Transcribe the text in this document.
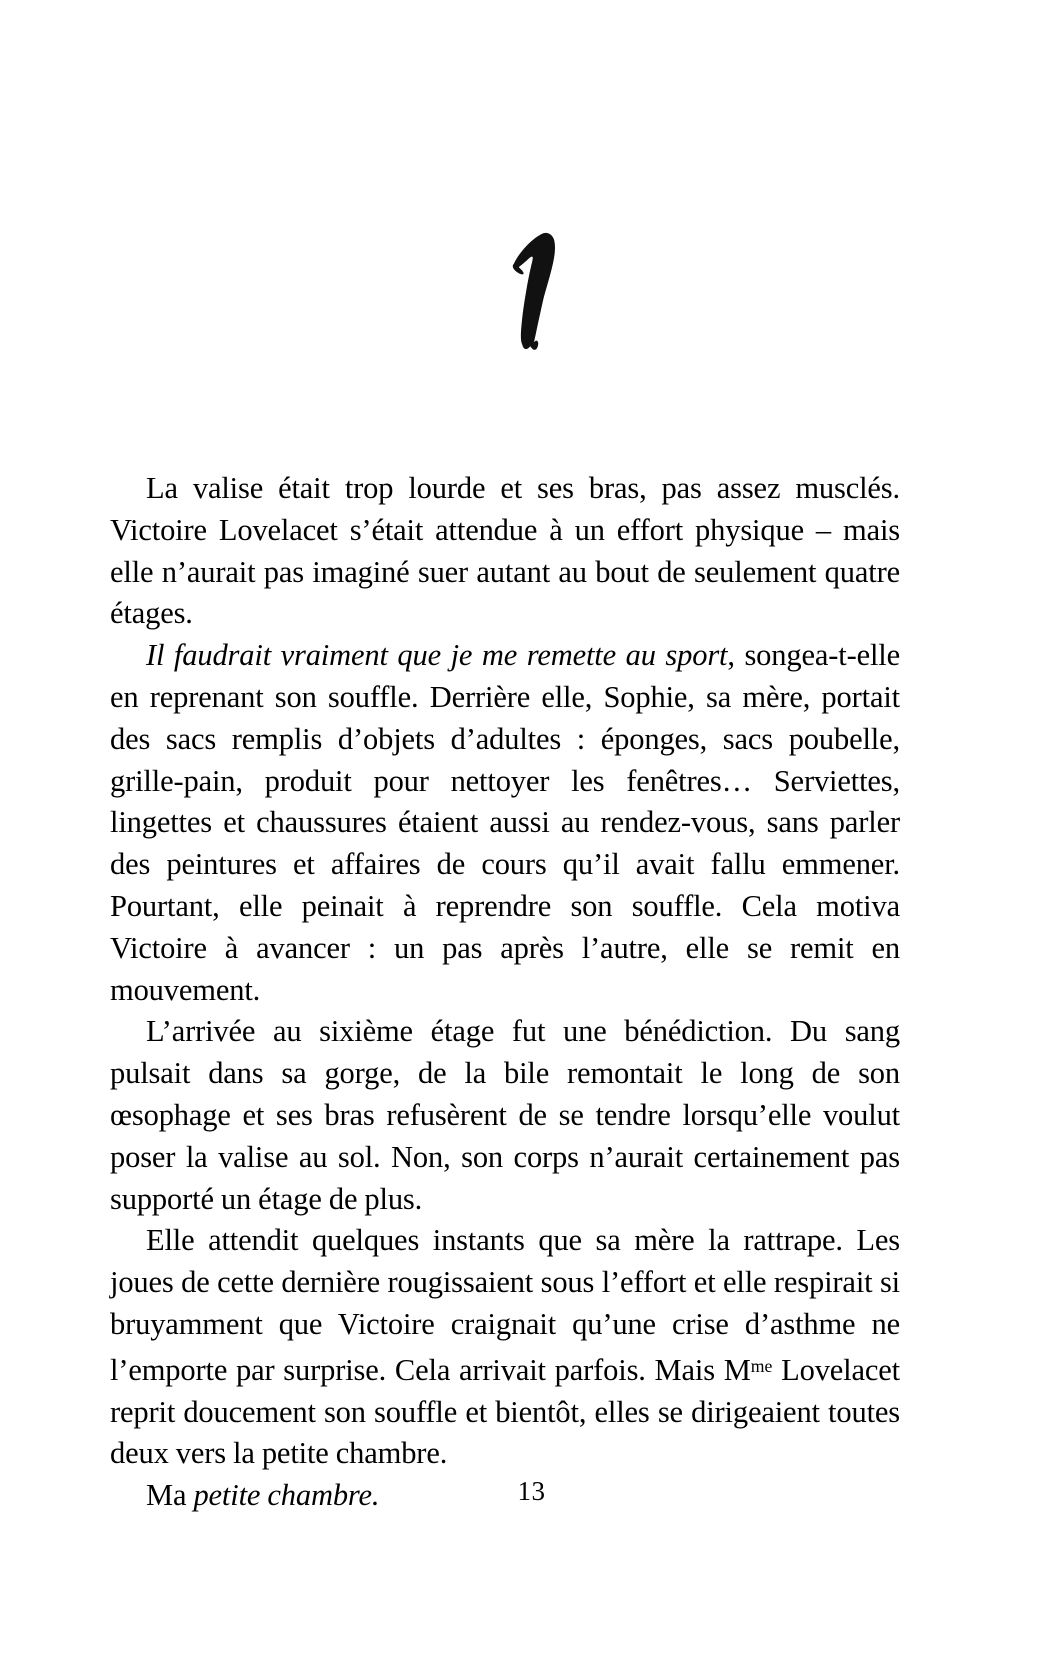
La valise était trop lourde et ses bras, pas assez musclés. Victoire Lovelacet s’était attendue à un effort physique – mais elle n’aurait pas imaginé suer autant au bout de seulement quatre étages.

Il faudrait vraiment que je me remette au sport, songea-t-elle en reprenant son souffle. Derrière elle, Sophie, sa mère, portait des sacs remplis d’objets d’adultes : éponges, sacs poubelle, grille-pain, produit pour nettoyer les fenêtres… Serviettes, lingettes et chaussures étaient aussi au rendez-vous, sans parler des peintures et affaires de cours qu’il avait fallu emmener. Pourtant, elle peinait à reprendre son souffle. Cela motiva Victoire à avancer : un pas après l’autre, elle se remit en mouvement.

L’arrivée au sixième étage fut une bénédiction. Du sang pulsait dans sa gorge, de la bile remontait le long de son œsophage et ses bras refusèrent de se tendre lorsqu’elle voulut poser la valise au sol. Non, son corps n’aurait certainement pas supporté un étage de plus.

Elle attendit quelques instants que sa mère la rattrape. Les joues de cette dernière rougissaient sous l’effort et elle respirait si bruyamment que Victoire craignait qu’une crise d’asthme ne l’emporte par surprise. Cela arrivait parfois. Mais $M^{me}$ Lovelacet reprit doucement son souffle et bientôt, elles se dirigeaient toutes deux vers la petite chambre.

Ma petite chambre.	13
